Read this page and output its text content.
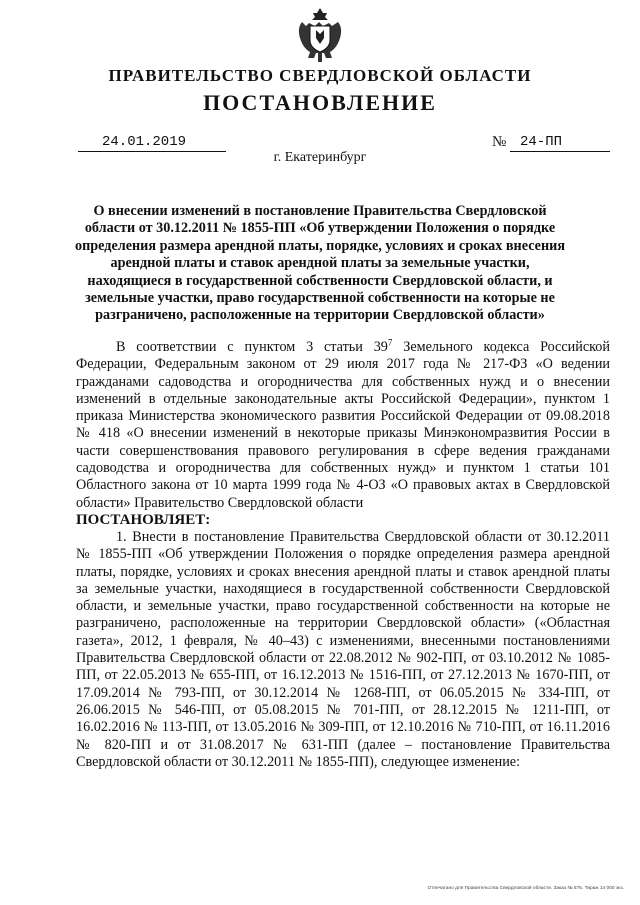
ПРАВИТЕЛЬСТВО СВЕРДЛОВСКОЙ ОБЛАСТИ
ПОСТАНОВЛЕНИЕ
24.01.2019	№ 24-ПП
г. Екатеринбург
О внесении изменений в постановление Правительства Свердловской области от 30.12.2011 № 1855-ПП «Об утверждении Положения о порядке определения размера арендной платы, порядке, условиях и сроках внесения арендной платы и ставок арендной платы за земельные участки, находящиеся в государственной собственности Свердловской области, и земельные участки, право государственной собственности на которые не разграничено, расположенные на территории Свердловской области»

В соответствии с пунктом 3 статьи $39^7$ Земельного кодекса Российской Федерации, Федеральным законом от 29 июля 2017 года № 217-ФЗ «О ведении гражданами садоводства и огородничества для собственных нужд и о внесении изменений в отдельные законодательные акты Российской Федерации», пунктом 1 приказа Министерства экономического развития Российской Федерации от 09.08.2018 № 418 «О внесении изменений в некоторые приказы Минэкономразвития России в части совершенствования правового регулирования в сфере ведения гражданами садоводства и огородничества для собственных нужд» и пунктом 1 статьи 101 Областного закона от 10 марта 1999 года № 4-ОЗ «О правовых актах в Свердловской области» Правительство Свердловской области

ПОСТАНОВЛЯЕТ:

1. Внести в постановление Правительства Свердловской области от 30.12.2011 № 1855-ПП «Об утверждении Положения о порядке определения размера арендной платы, порядке, условиях и сроках внесения арендной платы и ставок арендной платы за земельные участки, находящиеся в государственной собственности Свердловской области, и земельные участки, право государственной собственности на которые не разграничено, расположенные на территории Свердловской области» («Областная газета», 2012, 1 февраля, № 40–43) с изменениями, внесенными постановлениями Правительства Свердловской области от 22.08.2012 № 902-ПП, от 03.10.2012 № 1085-ПП, от 22.05.2013 № 655-ПП, от 16.12.2013 № 1516-ПП, от 27.12.2013 № 1670-ПП, от 17.09.2014 № 793-ПП, от 30.12.2014 № 1268-ПП, от 06.05.2015 № 334-ПП, от 26.06.2015 № 546-ПП, от 05.08.2015 № 701-ПП, от 28.12.2015 № 1211-ПП, от 16.02.2016 № 113-ПП, от 13.05.2016 № 309-ПП, от 12.10.2016 № 710-ПП, от 16.11.2016 № 820-ПП и от 31.08.2017 № 631-ПП (далее – постановление Правительства Свердловской области от 30.12.2011 № 1855-ПП), следующее изменение:

Отпечатано для Правительства Свердловской области. Заказ № 575. Тираж 14 000 экз.
